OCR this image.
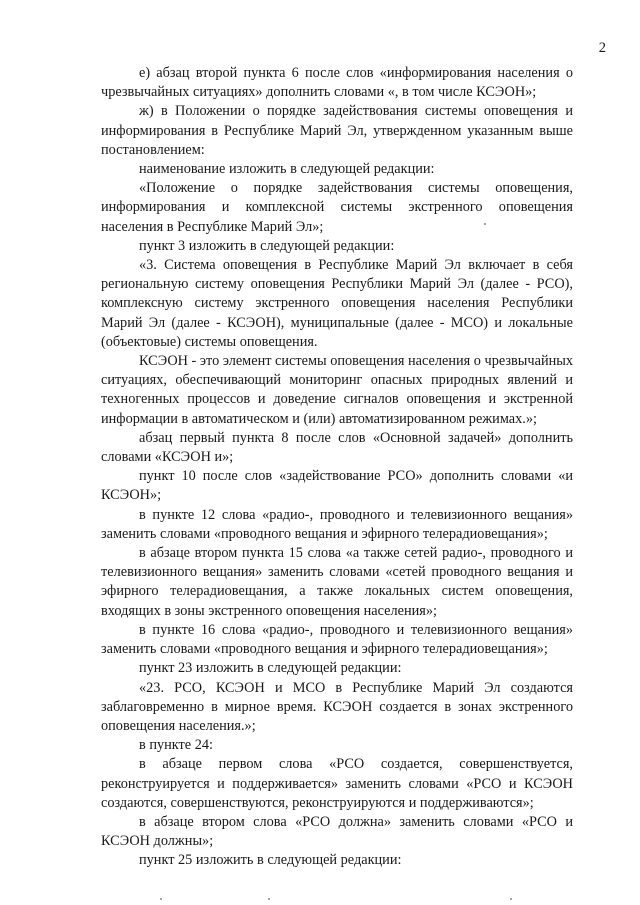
2

е) абзац второй пункта 6 после слов «информирования населения о чрезвычайных ситуациях» дополнить словами «, в том числе КСЭОН»;

ж) в Положении о порядке задействования системы оповещения и информирования в Республике Марий Эл, утвержденном указанным выше постановлением:

наименование изложить в следующей редакции:

«Положение о порядке задействования системы оповещения, информирования и комплексной системы экстренного оповещения населения в Республике Марий Эл»;

пункт 3 изложить в следующей редакции:

«3. Система оповещения в Республике Марий Эл включает в себя региональную систему оповещения Республики Марий Эл (далее - РСО), комплексную систему экстренного оповещения населения Республики Марий Эл (далее - КСЭОН), муниципальные (далее - МСО) и локальные (объектовые) системы оповещения.

КСЭОН - это элемент системы оповещения населения о чрезвычайных ситуациях, обеспечивающий мониторинг опасных природных явлений и техногенных процессов и доведение сигналов оповещения и экстренной информации в автоматическом и (или) автоматизированном режимах.»;

абзац первый пункта 8 после слов «Основной задачей» дополнить словами «КСЭОН и»;

пункт 10 после слов «задействование РСО» дополнить словами «и КСЭОН»;

в пункте 12 слова «радио-, проводного и телевизионного вещания» заменить словами «проводного вещания и эфирного телерадиовещания»;

в абзаце втором пункта 15 слова «а также сетей радио-, проводного и телевизионного вещания» заменить словами «сетей проводного вещания и эфирного телерадиовещания, а также локальных систем оповещения, входящих в зоны экстренного оповещения населения»;

в пункте 16 слова «радио-, проводного и телевизионного вещания» заменить словами «проводного вещания и эфирного телерадиовещания»;

пункт 23 изложить в следующей редакции:

«23. РСО, КСЭОН и МСО в Республике Марий Эл создаются заблаговременно в мирное время. КСЭОН создается в зонах экстренного оповещения населения.»;

в пункте 24:

в абзаце первом слова «РСО создается, совершенствуется, реконструируется и поддерживается» заменить словами «РСО и КСЭОН создаются, совершенствуются, реконструируются и поддерживаются»;

в абзаце втором слова «РСО должна» заменить словами «РСО и КСЭОН должны»;

пункт 25 изложить в следующей редакции:
